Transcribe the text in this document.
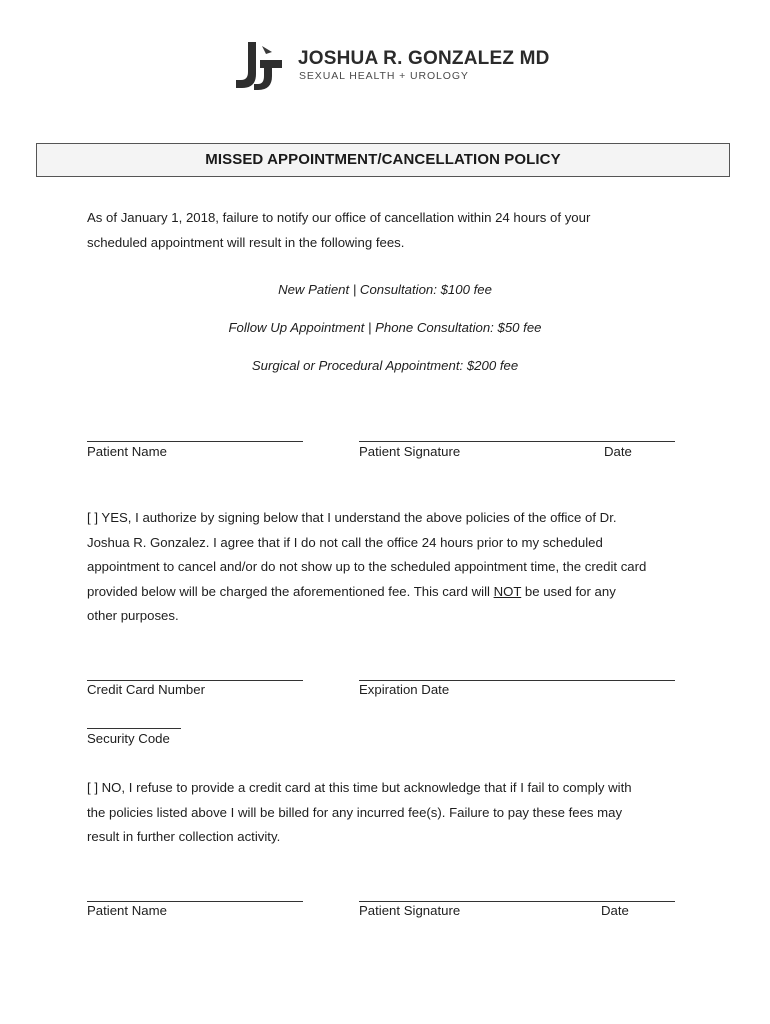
JOSHUA R. GONZALEZ MD
SEXUAL HEALTH + UROLOGY
MISSED APPOINTMENT/CANCELLATION POLICY
As of January 1, 2018, failure to notify our office of cancellation within 24 hours of your
scheduled appointment will result in the following fees.
New Patient | Consultation: $100 fee
Follow Up Appointment | Phone Consultation: $50 fee
Surgical or Procedural Appointment: $200 fee
Patient Name	Patient Signature	Date
[ ] YES, I authorize by signing below that I understand the above policies of the office of Dr.
Joshua R. Gonzalez. I agree that if I do not call the office 24 hours prior to my scheduled
appointment to cancel and/or do not show up to the scheduled appointment time, the credit card
provided below will be charged the aforementioned fee. This card will NOT be used for any
other purposes.
Credit Card Number	Expiration Date
Security Code
[ ] NO, I refuse to provide a credit card at this time but acknowledge that if I fail to comply with
the policies listed above I will be billed for any incurred fee(s). Failure to pay these fees may
result in further collection activity.
Patient Name	Patient Signature	Date
